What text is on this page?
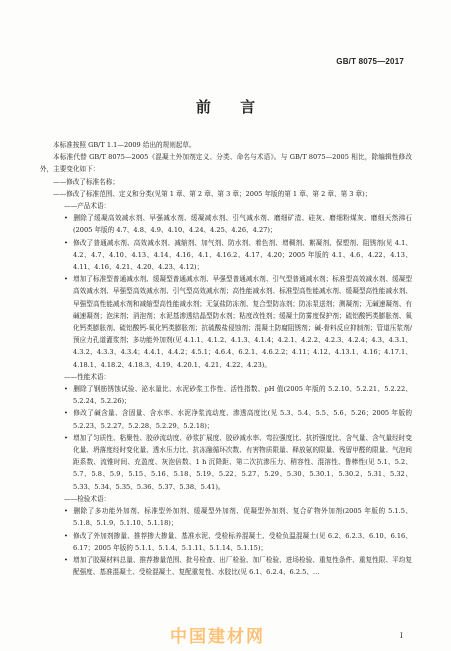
GB/T 8075—2017
前 言

本标准按照 GB/T 1.1—2009 给出的规则起草。

本标准代替 GB/T 8075—2005《混凝土外加剂定义、分类、命名与术语》。与 GB/T 8075—2005 相比，除编辑性修改外，主要变化如下：

——修改了标准名称；

——修改了标准范围、定义和分类(见第 1 章、第 2 章、第 3 章；2005 年版的第 1 章、第 2 章、第 3 章)；

——产品术语：

• 删除了缓凝高效减水剂、早强减水剂、缓凝减水剂、引气减水剂、磨细矿渣、硅灰、磨细粉煤灰、磨细天然沸石(2005 年版的 4.7、4.8、4.9、4.10、4.24、4.25、4.26、4.27)；

• 修改了普通减水剂、高效减水剂、减缩剂、加气剂、防水剂、着色剂、增稠剂、絮凝剂、保塑剂、阻锈剂(见 4.1、4.2、4.7、4.10、4.13、4.14、4.16、4.1、4.16.2、4.17、4.20；2005 年版的 4.1、4.6、4.22、4.13、4.11、4.16、4.21、4.20、4.23、4.12)；

• 增加了标准型普通减水剂、缓凝型普通减水剂、早强型普通减水剂、引气型普通减水剂；标准型高效减水剂、缓凝型高效减水剂、早强型高效减水剂、引气型高效减水剂；高性能减水剂、标准型高性能减水剂、缓凝型高性能减水剂、早强型高性能减水剂和减缩型高性能减水剂；无氯盐防冻剂、复合型防冻剂；防冻泵送剂；测凝剂；无碱速凝剂、有碱速凝剂；泡沫剂；消泡剂；水泥基渗透结晶型防水剂；粘度改性剂；缓凝土防雾度保护剂；硫铝酸钙类膨胀剂、氧化钙类膨胀剂、硫铝酸钙-氧化钙类膨胀剂；抗硫酸盐侵蚀剂；混凝土防腐阻锈剂；碱-骨料反应抑制剂；管道压浆剂/预应力孔道灌浆剂；多功能外加剂(见 4.1.1、4.1.2、4.1.3、4.1.4；4.2.1、4.2.2、4.2.3、4.2.4；4.3、4.3.1、4.3.2、4.3.3、4.3.4；4.4.1、4.4.2；4.5.1；4.6.4、6.2.1、4.6.2.2；4.11；4.12、4.13.1、4.16；4.17.1、4.18.1、4.18.2、4.18.3、4.19、4.20.1、4.21、4.22、4.23)。

——性能术语：

• 删除了钢筋锈蚀试验、泌水量比、水泥砂浆工作性、活性指数、pH 值(2005 年版的 5.2.10、5.2.21、5.2.22、5.2.24、5.2.26)；

• 修改了碱含量、含固量、含水率、水泥净浆流动度、渗透高度比(见 5.3、5.4、5.5、5.6、5.26；2005 年版的 5.2.23、5.2.27、5.2.28、5.2.29、5.2.18)；

• 增加了匀质性、粘聚性、胶砂流动度、砂浆扩展度、胶砂减水率、弯拉强度比、抗折强度比、含气量、含气量经时变化量、坍落度经时变化量、透水压力比、抗冻融循环次数、有害物质限量、释放氨的限量、残留甲醛的限量、气泡间距系数、流锥时间、充盈度、灰泡倍数、1 h 沉降距、第二次抗渗压力、稍容性、混溶性、鲁棒性(见 5.1、5.2、5.7、5.8、5.9、5.15、5.16、5.18、5.19、5.22、5.27、5.29、5.30、5.30.1、5.30.2、5.31、5.32、5.33、5.34、5.35、5.36、5.37、5.38、5.41)。

——检验术语：

• 删除了多功能外加剂、标准型外加剂、缓凝型外加剂、促凝型外加剂、复合矿物外加剂(2005 年版的 5.1.5、5.1.8、5.1.9、5.1.10、5.1.18)；

• 修改了外加剂掺量、推荐掺大掺量、基准水泥、受检标养混凝土、受检负温混凝土(见 6.2、6.2.3、6.10、6.16、6.17；2005 年版的 5.1.1、5.1.4、5.1.11、5.1.14、5.1.15)；

• 增加了胶凝材料总量、推荐掺量范围、批号检查、出厂检验、加厂检验、进场检验、重复性条件、重复性限、平均复配强度、基准混凝土、受检混凝土、复配重复性、水胶比(见 6.1、6.2.4、6.2.5、…

中国建材网	I
